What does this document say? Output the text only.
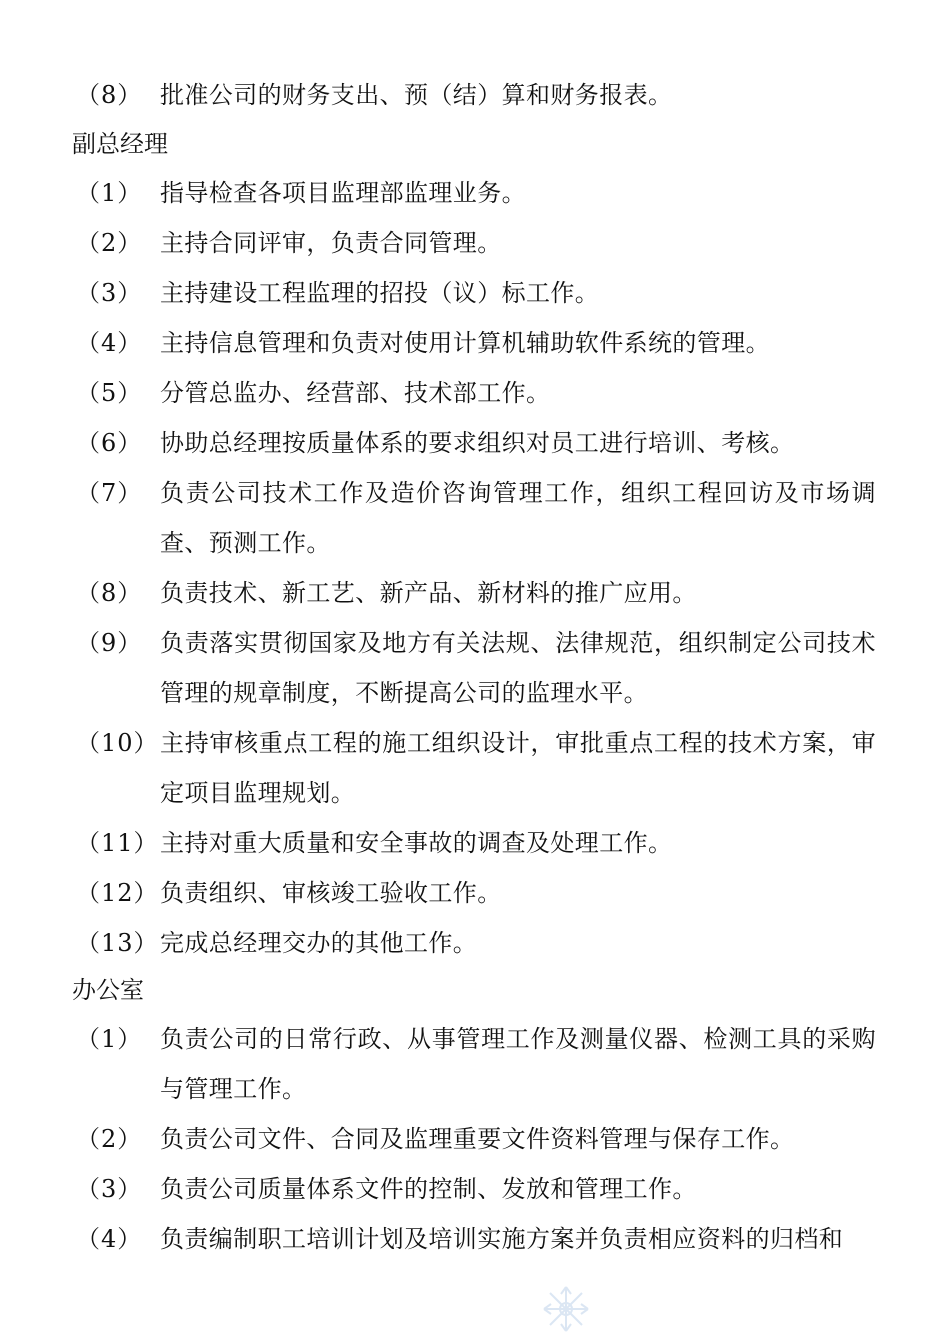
（8） 批准公司的财务支出、预（结）算和财务报表。
副总经理
（1） 指导检查各项目监理部监理业务。
（2） 主持合同评审，负责合同管理。
（3） 主持建设工程监理的招投（议）标工作。
（4） 主持信息管理和负责对使用计算机辅助软件系统的管理。
（5） 分管总监办、经营部、技术部工作。
（6） 协助总经理按质量体系的要求组织对员工进行培训、考核。
（7） 负责公司技术工作及造价咨询管理工作，组织工程回访及市场调查、预测工作。
（8） 负责技术、新工艺、新产品、新材料的推广应用。
（9） 负责落实贯彻国家及地方有关法规、法律规范，组织制定公司技术管理的规章制度，不断提高公司的监理水平。
（10） 主持审核重点工程的施工组织设计，审批重点工程的技术方案，审定项目监理规划。
（11） 主持对重大质量和安全事故的调查及处理工作。
（12） 负责组织、审核竣工验收工作。
（13） 完成总经理交办的其他工作。
办公室
（1） 负责公司的日常行政、从事管理工作及测量仪器、检测工具的采购与管理工作。
（2） 负责公司文件、合同及监理重要文件资料管理与保存工作。
（3） 负责公司质量体系文件的控制、发放和管理工作。
（4） 负责编制职工培训计划及培训实施方案并负责相应资料的归档和
